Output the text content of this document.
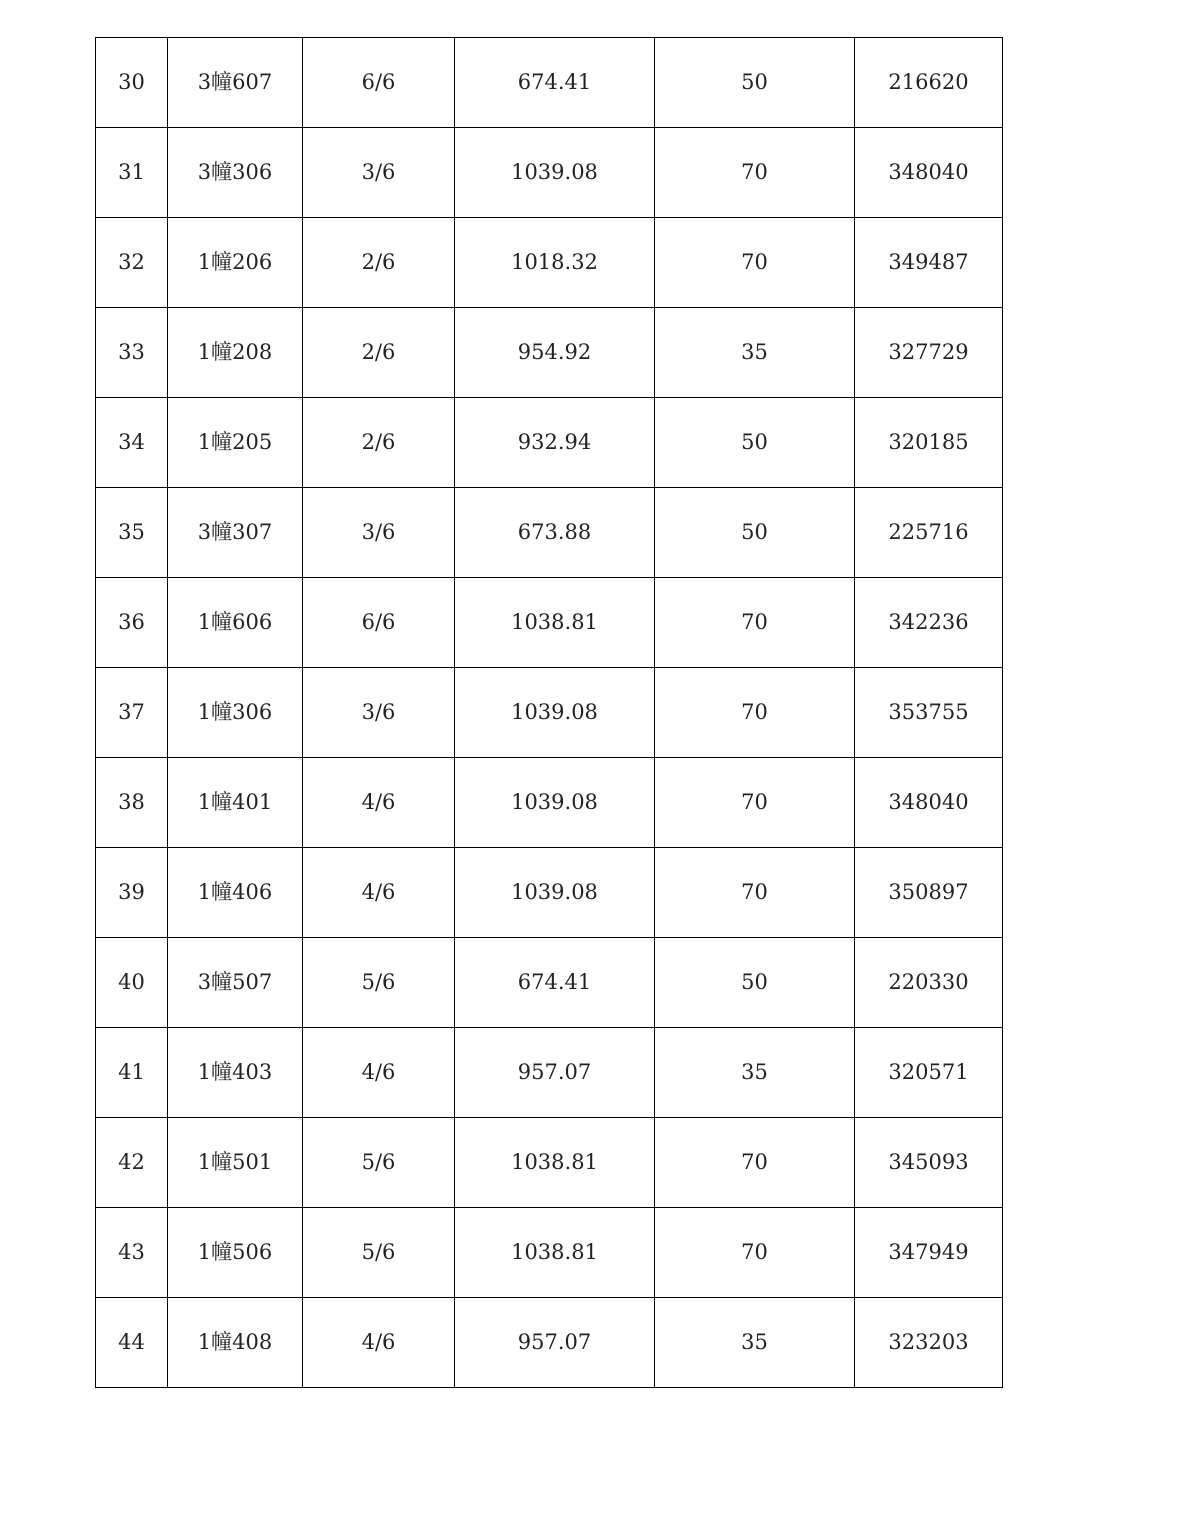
30	3幢607	6/6	674.41	50	216620
31	3幢306	3/6	1039.08	70	348040
32	1幢206	2/6	1018.32	70	349487
33	1幢208	2/6	954.92	35	327729
34	1幢205	2/6	932.94	50	320185
35	3幢307	3/6	673.88	50	225716
36	1幢606	6/6	1038.81	70	342236
37	1幢306	3/6	1039.08	70	353755
38	1幢401	4/6	1039.08	70	348040
39	1幢406	4/6	1039.08	70	350897
40	3幢507	5/6	674.41	50	220330
41	1幢403	4/6	957.07	35	320571
42	1幢501	5/6	1038.81	70	345093
43	1幢506	5/6	1038.81	70	347949
44	1幢408	4/6	957.07	35	323203
